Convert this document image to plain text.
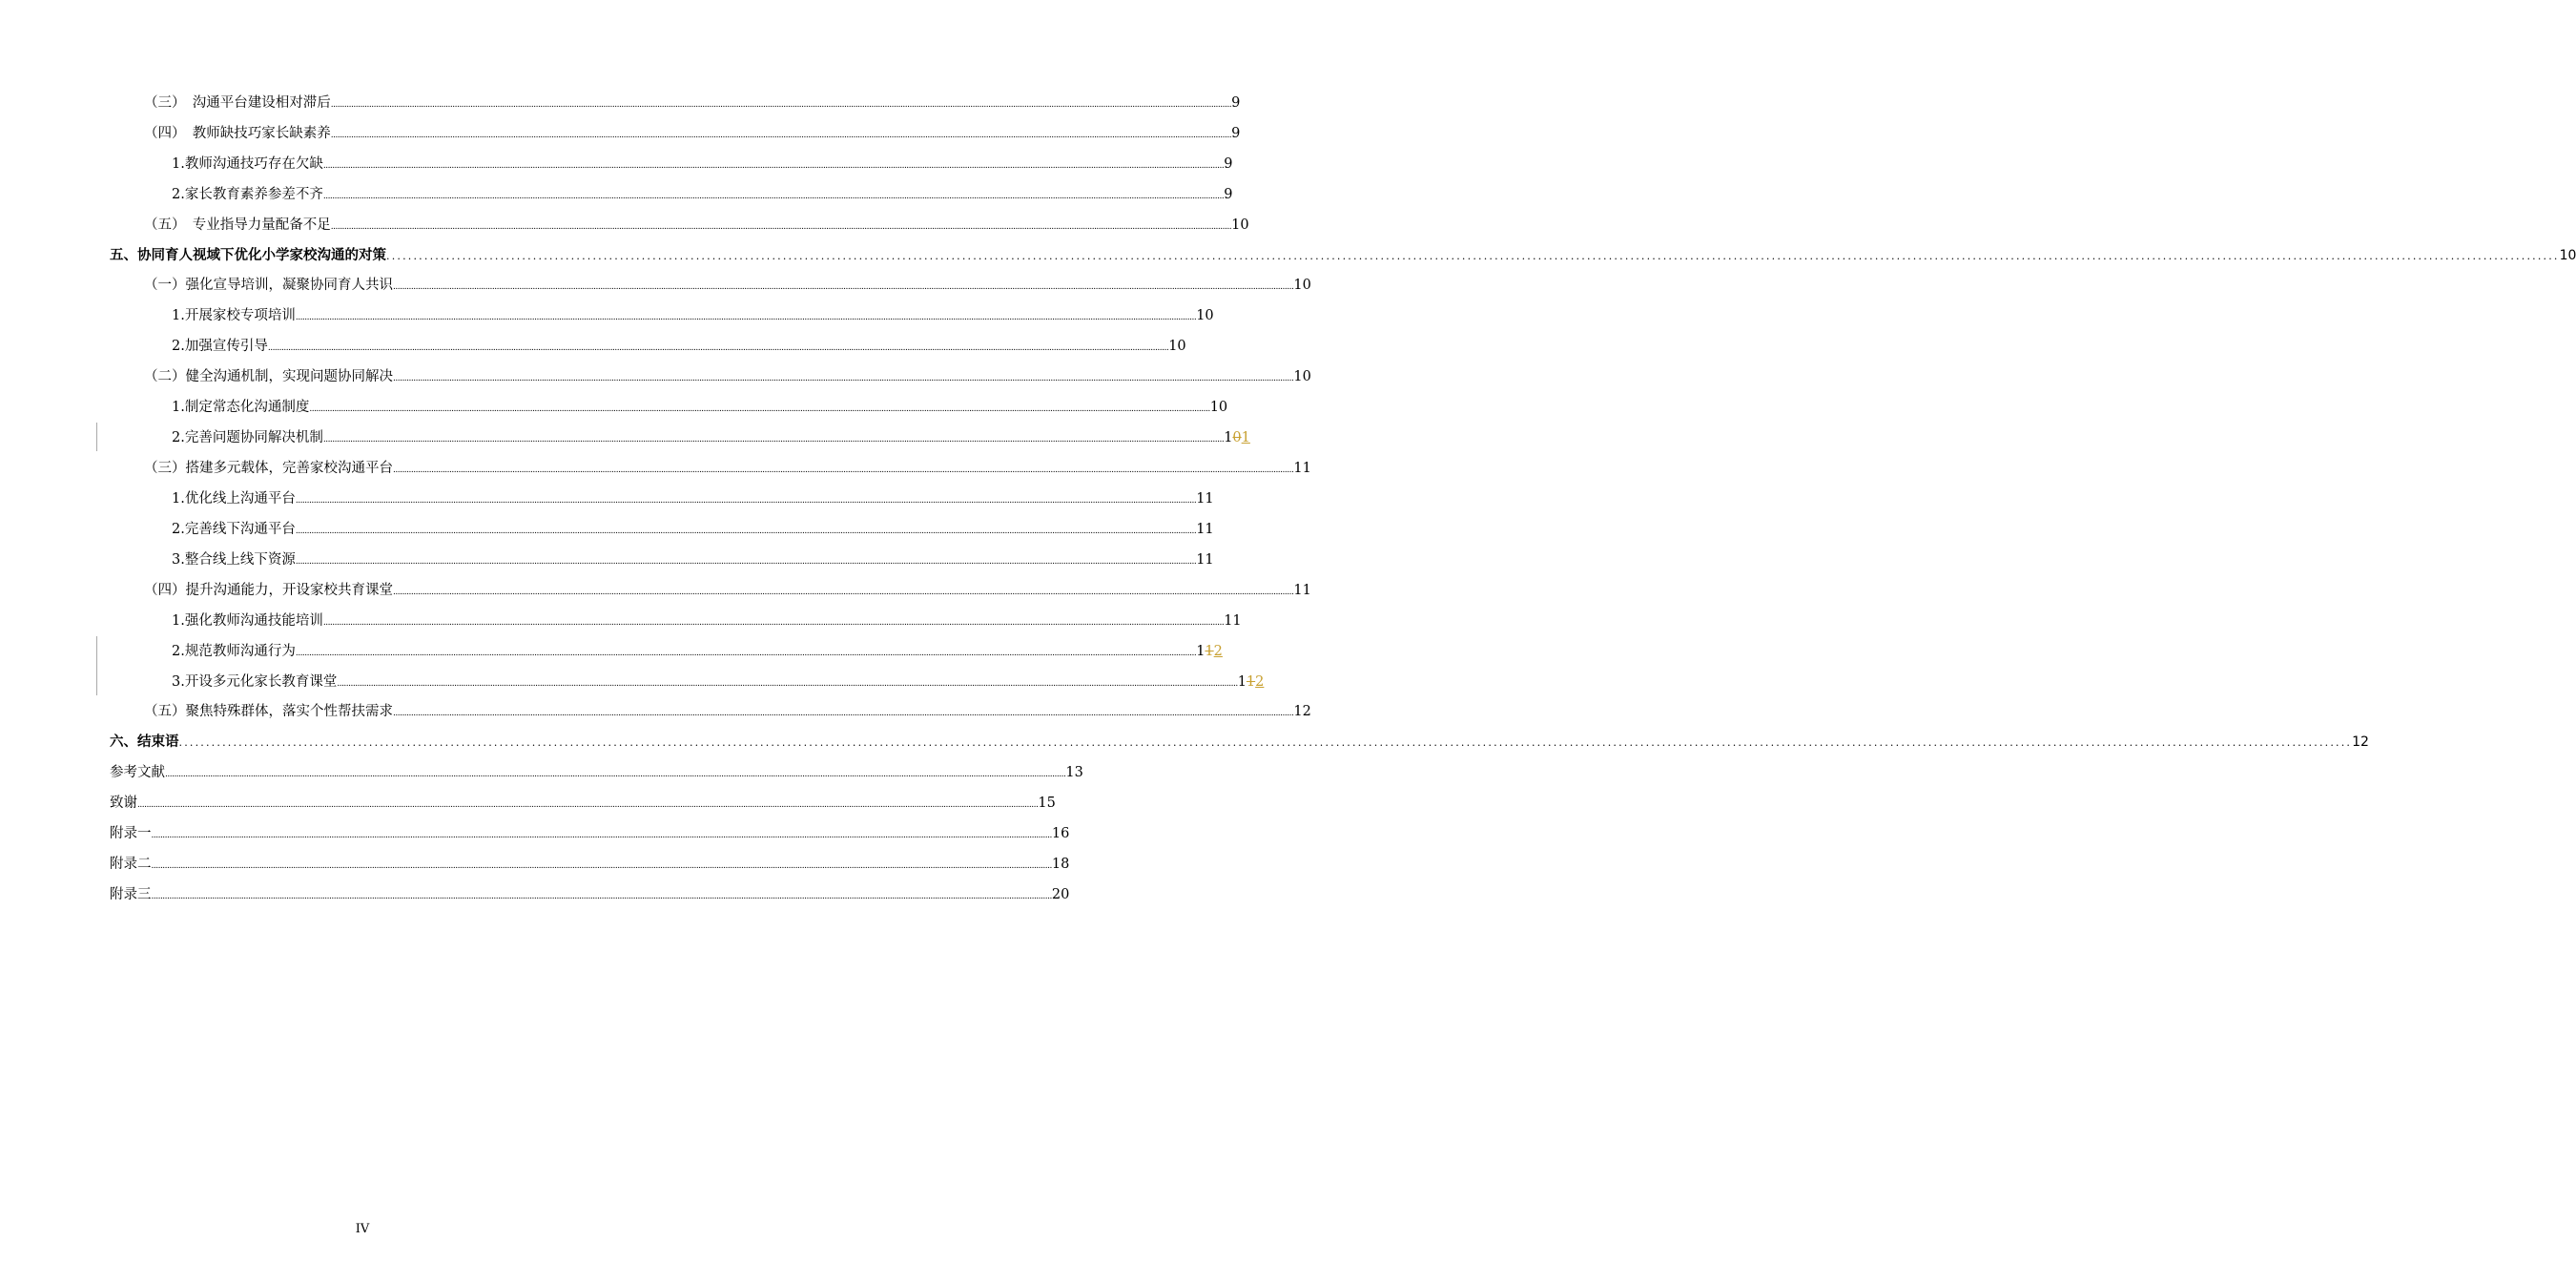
（三）　沟通平台建设相对滞后 ................................................................................................................................................................................................................................................................................................................................................................................................................ 9
（四）　教师缺技巧家长缺素养 ................................................................................................................................................................................................................................................................................................................................................................................................................ 9
1.教师沟通技巧存在欠缺 ................................................................................................................................................................................................................................................................................................................................................................................................................ 9
2.家长教育素养参差不齐 ................................................................................................................................................................................................................................................................................................................................................................................................................ 9
（五）　专业指导力量配备不足 ................................................................................................................................................................................................................................................................................................................................................................................................................ 10
五、协同育人视域下优化小学家校沟通的对策 ................................................................................................................................................................................................................................................................................................................................................................................................................ 10
（一）强化宣导培训，凝聚协同育人共识 ................................................................................................................................................................................................................................................................................................................................................................................................................ 10
1.开展家校专项培训 ................................................................................................................................................................................................................................................................................................................................................................................................................ 10
2.加强宣传引导 ................................................................................................................................................................................................................................................................................................................................................................................................................ 10
（二）健全沟通机制，实现问题协同解决 ................................................................................................................................................................................................................................................................................................................................................................................................................ 10
1.制定常态化沟通制度 ................................................................................................................................................................................................................................................................................................................................................................................................................ 10
2.完善问题协同解决机制 ................................................................................................................................................................................................................................................................................................................................................................................................................ 101
（三）搭建多元载体，完善家校沟通平台 ................................................................................................................................................................................................................................................................................................................................................................................................................ 11
1.优化线上沟通平台 ................................................................................................................................................................................................................................................................................................................................................................................................................ 11
2.完善线下沟通平台 ................................................................................................................................................................................................................................................................................................................................................................................................................ 11
3.整合线上线下资源 ................................................................................................................................................................................................................................................................................................................................................................................................................ 11
（四）提升沟通能力，开设家校共育课堂 ................................................................................................................................................................................................................................................................................................................................................................................................................ 11
1.强化教师沟通技能培训 ................................................................................................................................................................................................................................................................................................................................................................................................................ 11
2.规范教师沟通行为 ................................................................................................................................................................................................................................................................................................................................................................................................................ 112
3.开设多元化家长教育课堂 ................................................................................................................................................................................................................................................................................................................................................................................................................ 112
（五）聚焦特殊群体，落实个性帮扶需求 ................................................................................................................................................................................................................................................................................................................................................................................................................ 12
六、结束语 ................................................................................................................................................................................................................................................................................................................................................................................................................ 12
参考文献 ................................................................................................................................................................................................................................................................................................................................................................................................................ 13
致谢 ................................................................................................................................................................................................................................................................................................................................................................................................................ 15
附录一 ................................................................................................................................................................................................................................................................................................................................................................................................................ 16
附录二 ................................................................................................................................................................................................................................................................................................................................................................................................................ 18
附录三 ................................................................................................................................................................................................................................................................................................................................................................................................................ 20
IV
